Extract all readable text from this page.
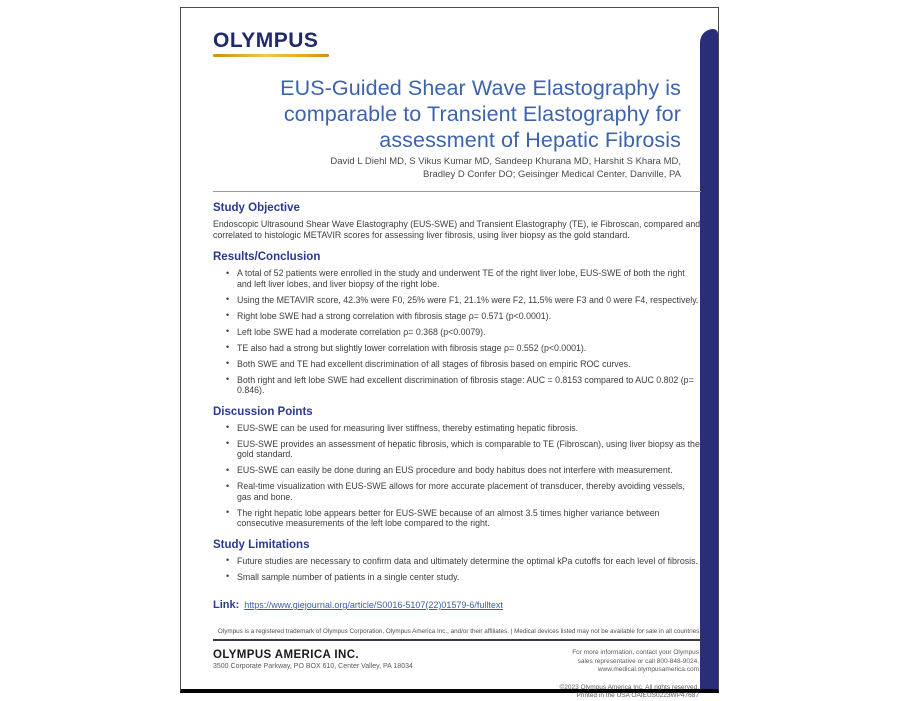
OLYMPUS
EUS-Guided Shear Wave Elastography is
comparable to Transient Elastography for
assessment of Hepatic Fibrosis
David L Diehl MD, S Vikus Kumar MD, Sandeep Khurana MD, Harshit S Khara MD,
Bradley D Confer DO; Geisinger Medical Center, Danville, PA
Study Objective
Endoscopic Ultrasound Shear Wave Elastography (EUS-SWE) and Transient Elastography (TE), ie Fibroscan, compared and correlated to histologic METAVIR scores for assessing liver fibrosis, using liver biopsy as the gold standard.
Results/Conclusion
• A total of 52 patients were enrolled in the study and underwent TE of the right liver lobe, EUS-SWE of both the right and left liver lobes, and liver biopsy of the right lobe.
• Using the METAVIR score, 42.3% were F0, 25% were F1, 21.1% were F2, 11.5% were F3 and 0 were F4, respectively.
• Right lobe SWE had a strong correlation with fibrosis stage ρ= 0.571 (p<0.0001).
• Left lobe SWE had a moderate correlation ρ= 0.368 (p<0.0079).
• TE also had a strong but slightly lower correlation with fibrosis stage ρ= 0.552 (p<0.0001).
• Both SWE and TE had excellent discrimination of all stages of fibrosis based on empiric ROC curves.
• Both right and left lobe SWE had excellent discrimination of fibrosis stage: AUC = 0.8153 compared to AUC 0.802 (p= 0.846).
Discussion Points
• EUS-SWE can be used for measuring liver stiffness, thereby estimating hepatic fibrosis.
• EUS-SWE provides an assessment of hepatic fibrosis, which is comparable to TE (Fibroscan), using liver biopsy as the gold standard.
• EUS-SWE can easily be done during an EUS procedure and body habitus does not interfere with measurement.
• Real-time visualization with EUS-SWE allows for more accurate placement of transducer, thereby avoiding vessels, gas and bone.
• The right hepatic lobe appears better for EUS-SWE because of an almost 3.5 times higher variance between consecutive measurements of the left lobe compared to the right.
Study Limitations
• Future studies are necessary to confirm data and ultimately determine the optimal kPa cutoffs for each level of fibrosis.
• Small sample number of patients in a single center study.
Link: https://www.giejournal.org/article/S0016-5107(22)01579-6/fulltext
Olympus is a registered trademark of Olympus Corporation, Olympus America Inc., and/or their affiliates. | Medical devices listed may not be available for sale in all countries.
OLYMPUS AMERICA INC.
3500 Corporate Parkway, PO BOX 610, Center Valley, PA 18034
For more information, contact your Olympus
sales representative or call 800-848-9024.
www.medical.olympusamerica.com
©2023 Olympus America Inc. All rights reserved.
Printed in the USA OAIEUS0223WP47687
